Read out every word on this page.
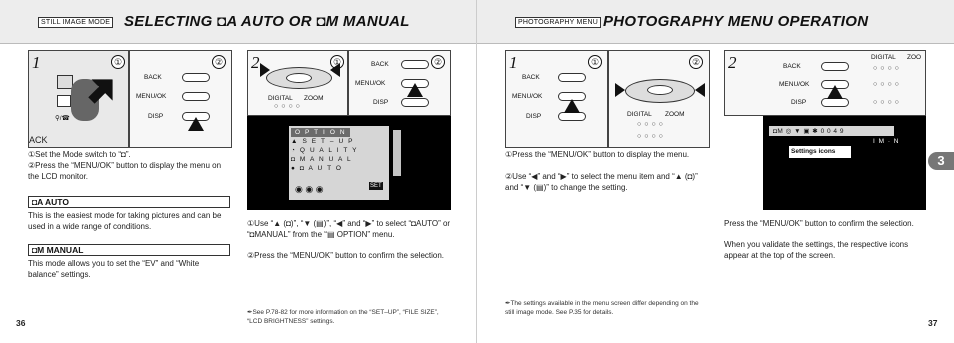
STILL IMAGE MODE SELECTING ◘A AUTO OR ◘M MANUAL	PHOTOGRAPHY MENU PHOTOGRAPHY MENU OPERATION
1	①
⚲/☎
ACK
②
BACK
MENU/OK
DISP
2	①
DIGITAL ZOOM
○○○○
②
BACK
MENU/OK
DISP
O P T I O N
▲ S E T – U P
◔ Q U A L I T Y
◘ M A N U A L
● ◘ A U T O
◉ ◉ ◉	SET
①Set the Mode switch to “◘”.
②Press the “MENU/OK” button to display the menu on the LCD monitor.
◘A AUTO
This is the easiest mode for taking pictures and can be used in a wide range of conditions.
◘M MANUAL
This mode allows you to set the “EV” and “White balance” settings.
①Use “▲ (◘)”, “▼ (▤)”, “◀” and “▶” to select “◘AUTO” or “◘MANUAL” from the “▤ OPTION” menu.
②Press the “MENU/OK” button to confirm the selection.
✒See P.78-82 for more information on the “SET–UP”, “FILE SIZE”, “LCD BRIGHTNESS” settings.
36
1	①
BACK
MENU/OK
DISP
②
DIGITAL ZOOM
○○○○
○○○○
2	DIGITAL ZOO
BACK
MENU/OK
DISP
○○○○
○○○○
○○○○
◘M ◎ ▼ ▣ ✱ 0 0 4 9
I M · N
Settings icons
①Press the “MENU/OK” button to display the menu.
②Use “◀” and “▶” to select the menu item and “▲ (◘)” and “▼ (▤)” to change the setting.
Press the “MENU/OK” button to confirm the selection.
When you validate the settings, the respective icons appear at the top of the screen.
✒The settings available in the menu screen differ depending on the still image mode. See P.35 for details.
3
37
